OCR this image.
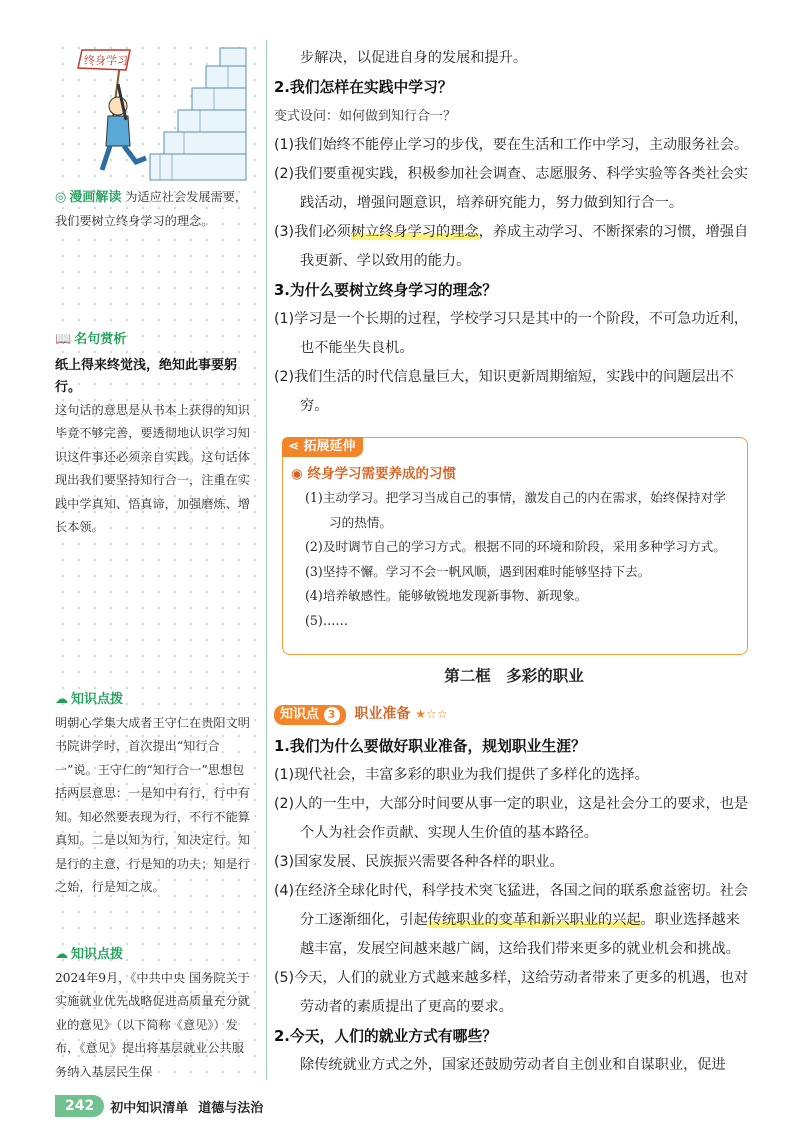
终身学习
◎ 漫画解读 为适应社会发展需要，我们要树立终身学习的理念。
📖 名句赏析
纸上得来终觉浅，绝知此事要躬行。
这句话的意思是从书本上获得的知识毕竟不够完善，要透彻地认识学习知识这件事还必须亲自实践。这句话体现出我们要坚持知行合一，注重在实践中学真知、悟真谛，加强磨炼、增长本领。
☁ 知识点拨
明朝心学集大成者王守仁在贵阳文明书院讲学时，首次提出“知行合一”说。王守仁的“知行合一”思想包括两层意思：一是知中有行，行中有知。知必然要表现为行，不行不能算真知。二是以知为行，知决定行。知是行的主意，行是知的功夫；知是行之始，行是知之成。
☁ 知识点拨
2024年9月，《中共中央 国务院关于实施就业优先战略促进高质量充分就业的意见》（以下简称《意见》）发布，《意见》提出将基层就业公共服务纳入基层民生保
步解决，以促进自身的发展和提升。
2.我们怎样在实践中学习？
变式设问：如何做到知行合一？
(1)我们始终不能停止学习的步伐，要在生活和工作中学习，主动服务社会。
(2)我们要重视实践，积极参加社会调查、志愿服务、科学实验等各类社会实践活动，增强问题意识，培养研究能力，努力做到知行合一。
(3)我们必须树立终身学习的理念，养成主动学习、不断探索的习惯，增强自我更新、学以致用的能力。
3.为什么要树立终身学习的理念？
(1)学习是一个长期的过程，学校学习只是其中的一个阶段，不可急功近利，也不能坐失良机。
(2)我们生活的时代信息量巨大，知识更新周期缩短，实践中的问题层出不穷。
⋖ 拓展延伸
◉ 终身学习需要养成的习惯
(1)主动学习。把学习当成自己的事情，激发自己的内在需求，始终保持对学习的热情。
(2)及时调节自己的学习方式。根据不同的环境和阶段，采用多种学习方式。
(3)坚持不懈。学习不会一帆风顺，遇到困难时能够坚持下去。
(4)培养敏感性。能够敏锐地发现新事物、新现象。
(5)……
第二框　多彩的职业
知识点 3 职业准备 ★☆☆
1.我们为什么要做好职业准备，规划职业生涯？
(1)现代社会，丰富多彩的职业为我们提供了多样化的选择。
(2)人的一生中，大部分时间要从事一定的职业，这是社会分工的要求，也是个人为社会作贡献、实现人生价值的基本路径。
(3)国家发展、民族振兴需要各种各样的职业。
(4)在经济全球化时代，科学技术突飞猛进，各国之间的联系愈益密切。社会分工逐渐细化，引起传统职业的变革和新兴职业的兴起。职业选择越来越丰富，发展空间越来越广阔，这给我们带来更多的就业机会和挑战。
(5)今天，人们的就业方式越来越多样，这给劳动者带来了更多的机遇，也对劳动者的素质提出了更高的要求。
2.今天，人们的就业方式有哪些？
除传统就业方式之外，国家还鼓励劳动者自主创业和自谋职业，促进
242	初中知识清单 道德与法治
